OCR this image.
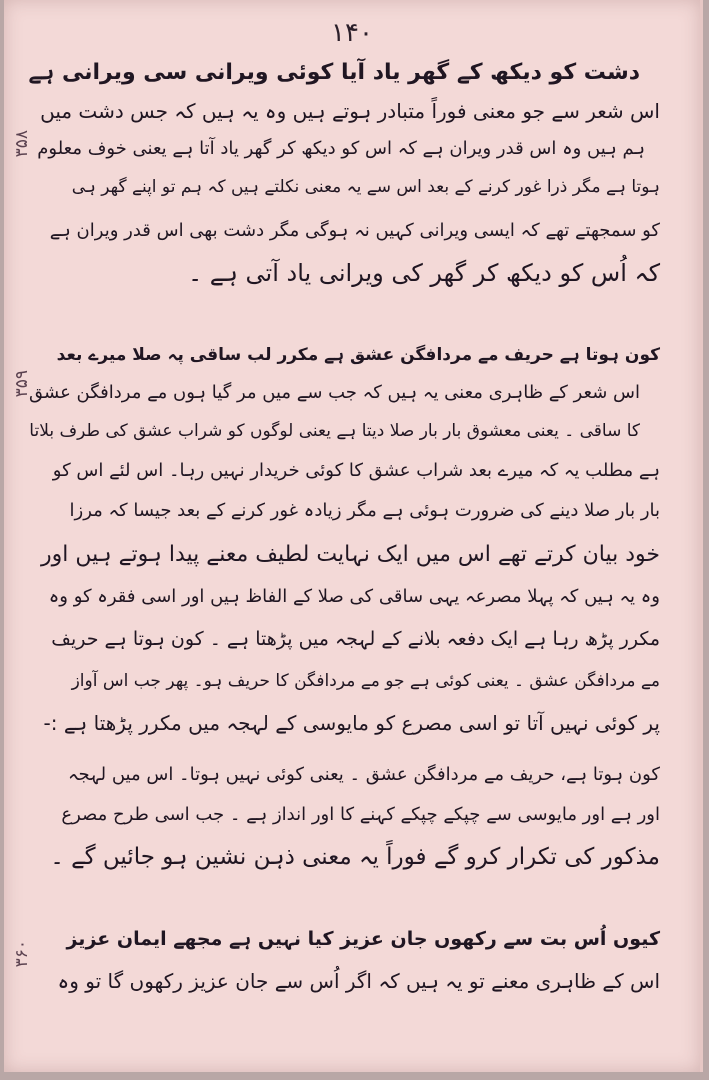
۱۴۰
دشت کو دیکھ کے گھر یاد آیا کوئی ویرانی سی ویرانی ہے
اس شعر سے جو معنی فوراً متبادر ہوتے ہیں وہ یہ ہیں کہ جس دشت میں
ہم ہیں وہ اس قدر ویران ہے کہ اس کو دیکھ کر گھر یاد آتا ہے یعنی خوف معلوم
ہوتا ہے مگر ذرا غور کرنے کے بعد اس سے یہ معنی نکلتے ہیں کہ ہم تو اپنے گھر ہی
کو سمجھتے تھے کہ ایسی ویرانی کہیں نہ ہوگی مگر دشت بھی اس قدر ویران ہے
کہ اُس کو دیکھ کر گھر کی ویرانی یاد آتی ہے ۔
کون ہوتا ہے حریف مے مردافگن عشق ہے مکرر لب ساقی پہ صلا میرے بعد
اس شعر کے ظاہری معنی یہ ہیں کہ جب سے میں مر گیا ہوں مے مردافگن عشق
کا ساقی ۔ یعنی معشوق بار بار صلا دیتا ہے یعنی لوگوں کو شراب عشق کی طرف بلاتا
ہے مطلب یہ کہ میرے بعد شراب عشق کا کوئی خریدار نہیں رہا۔ اس لئے اس کو
بار بار صلا دینے کی ضرورت ہوئی ہے مگر زیادہ غور کرنے کے بعد جیسا کہ مرزا
خود بیان کرتے تھے اس میں ایک نہایت لطیف معنے پیدا ہوتے ہیں اور
وہ یہ ہیں کہ پہلا مصرعہ یہی ساقی کی صلا کے الفاظ ہیں اور اسی فقرہ کو وہ
مکرر پڑھ رہا ہے ایک دفعہ بلانے کے لہجہ میں پڑھتا ہے ۔ کون ہوتا ہے حریف
مے مردافگن عشق ۔ یعنی کوئی ہے جو مے مردافگن کا حریف ہو۔ پھر جب اس آواز
پر کوئی نہیں آتا تو اسی مصرع کو مایوسی کے لہجہ میں مکرر پڑھتا ہے :-
کون ہوتا ہے، حریف مے مردافگن عشق ۔ یعنی کوئی نہیں ہوتا۔ اس میں لہجہ
اور ہے اور مایوسی سے چپکے چپکے کہنے کا اور انداز ہے ۔ جب اسی طرح مصرع
مذکور کی تکرار کرو گے فوراً یہ معنی ذہن نشین ہو جائیں گے ۔
کیوں اُس بت سے رکھوں جان عزیز کیا نہیں ہے مجھے ایمان عزیز
اس کے ظاہری معنے تو یہ ہیں کہ اگر اُس سے جان عزیز رکھوں گا تو وہ
۳۵۸
۳۵۹
۳۶۰
